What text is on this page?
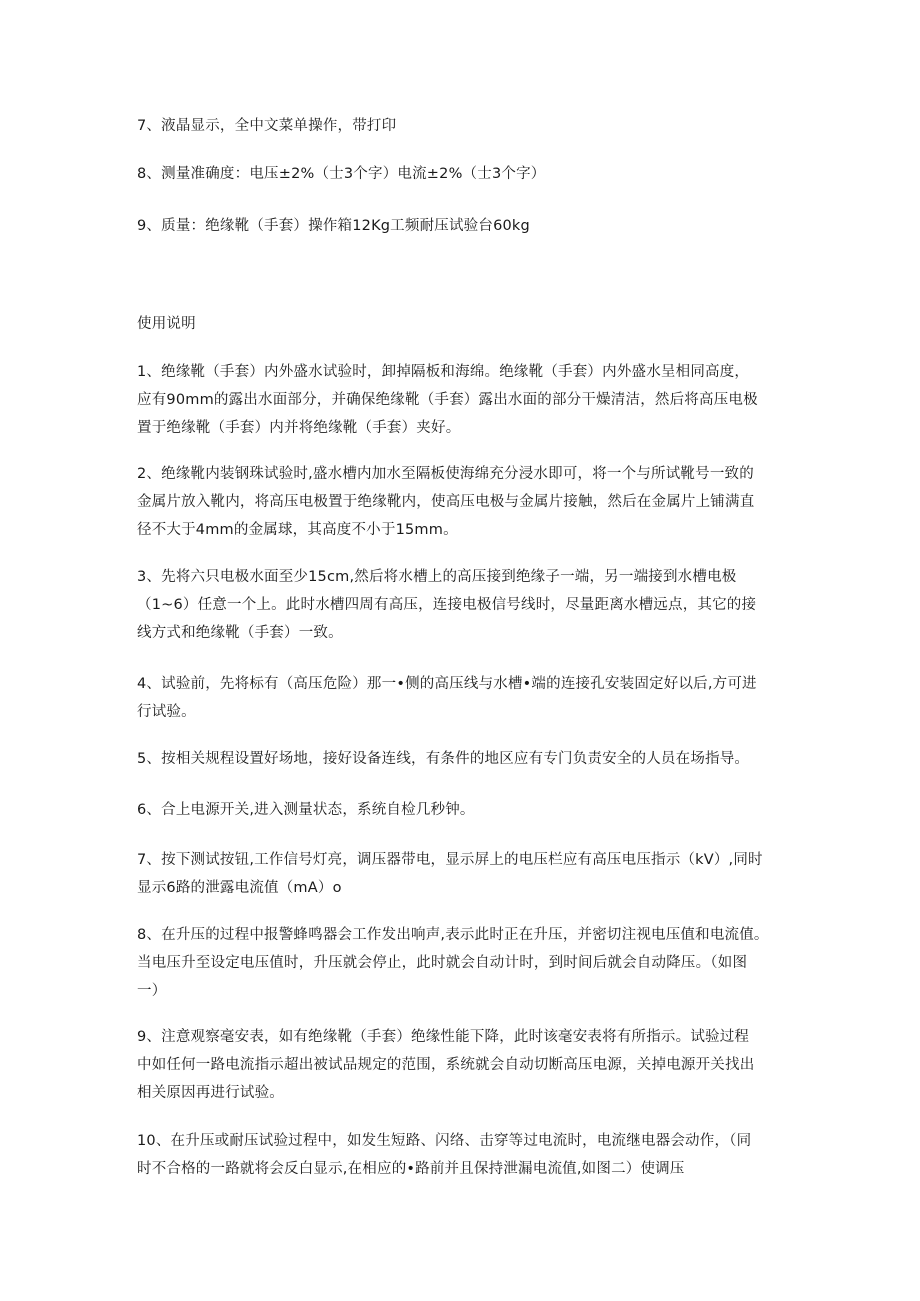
7、液晶显示，全中文菜单操作，带打印

8、测量准确度：电压±2%（士3个字）电流±2%（士3个字）

9、质量：绝缘靴（手套）操作箱12Kg工频耐压试验台60kg

使用说明

1、绝缘靴（手套）内外盛水试验时，卸掉隔板和海绵。绝缘靴（手套）内外盛水呈相同高度，
应有90mm的露出水面部分，并确保绝缘靴（手套）露出水面的部分干燥清洁，然后将高压电极
置于绝缘靴（手套）内并将绝缘靴（手套）夹好。

2、绝缘靴内装钢珠试验时,盛水槽内加水至隔板使海绵充分浸水即可，将一个与所试靴号一致的
金属片放入靴内，将高压电极置于绝缘靴内，使高压电极与金属片接触，然后在金属片上铺满直
径不大于4mm的金属球，其高度不小于15mm。

3、先将六只电极水面至少15cm,然后将水槽上的高压接到绝缘子一端，另一端接到水槽电极
（1~6）任意一个上。此时水槽四周有高压，连接电极信号线时，尽量距离水槽远点，其它的接
线方式和绝缘靴（手套）一致。

4、试验前，先将标有（高压危险）那一•侧的高压线与水槽•端的连接孔安装固定好以后,方可进
行试验。

5、按相关规程设置好场地，接好设备连线，有条件的地区应有专门负责安全的人员在场指导。

6、合上电源开关,进入测量状态，系统自检几秒钟。

7、按下测试按钮,工作信号灯亮，调压器带电，显示屏上的电压栏应有高压电压指示（kV）,同时
显示6路的泄露电流值（mA）o

8、在升压的过程中报警蜂鸣器会工作发出响声,表示此时正在升压，并密切注视电压值和电流值。
当电压升至设定电压值时，升压就会停止，此时就会自动计时，到时间后就会自动降压。（如图
一）

9、注意观察毫安表，如有绝缘靴（手套）绝缘性能下降，此时该毫安表将有所指示。试验过程
中如任何一路电流指示超出被试品规定的范围，系统就会自动切断高压电源，关掉电源开关找出
相关原因再进行试验。

10、在升压或耐压试验过程中，如发生短路、闪络、击穿等过电流时，电流继电器会动作，（同
时不合格的一路就将会反白显示,在相应的•路前并且保持泄漏电流值,如图二）使调压
